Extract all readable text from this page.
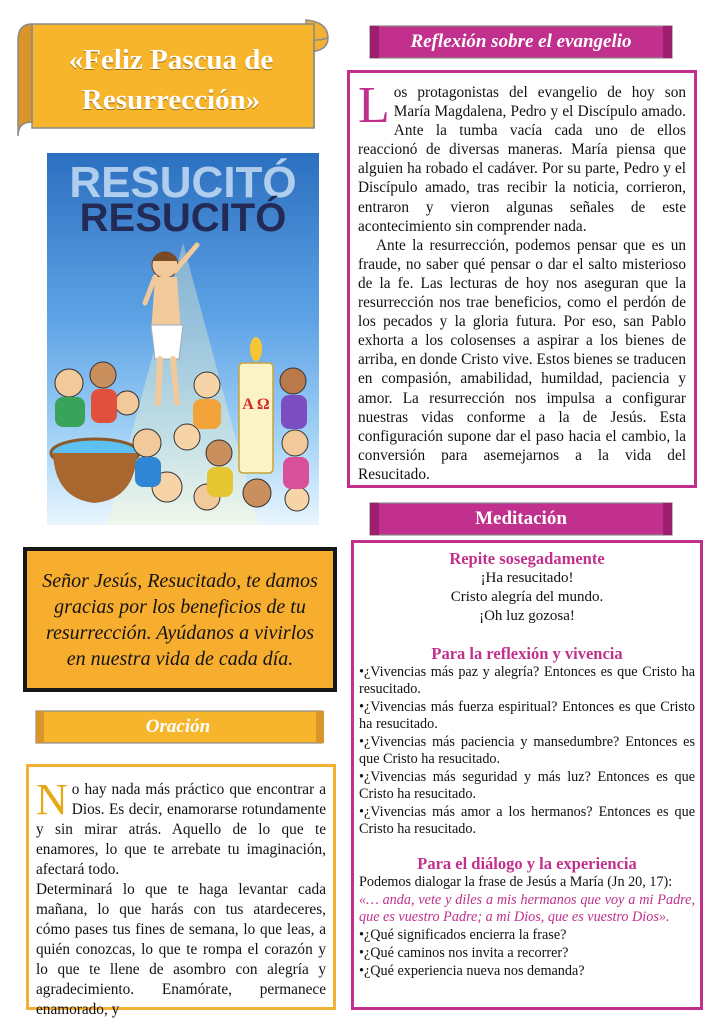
«Feliz Pascua de
Resurrección»
RESUCITÓ
RESUCITÓ
A Ω
Señor Jesús, Resucitado, te damos gracias por los beneficios de tu resurrección. Ayúdanos a vivirlos en nuestra vida de cada día.
Oración
N o hay nada más práctico que encontrar a Dios. Es decir, enamorarse rotundamente y sin mirar atrás. Aquello de lo que te enamores, lo que te arrebate tu imaginación, afectará todo.

Determinará lo que te haga levantar cada mañana, lo que harás con tus atardeceres, cómo pases tus fines de semana, lo que leas, a quién conozcas, lo que te rompa el corazón y lo que te llene de asombro con alegría y agradecimiento. Enamórate, permanece enamorado, y

Reflexión sobre el evangelio
L os protagonistas del evangelio de hoy son María Magdalena, Pedro y el Discípulo amado. Ante la tumba vacía cada uno de ellos reaccionó de diversas maneras. María piensa que alguien ha robado el cadáver. Por su parte, Pedro y el Discípulo amado, tras recibir la noticia, corrieron, entraron y vieron algunas señales de este acontecimiento sin comprender nada.

Ante la resurrección, podemos pensar que es un fraude, no saber qué pensar o dar el salto misterioso de la fe. Las lecturas de hoy nos aseguran que la resurrección nos trae beneficios, como el perdón de los pecados y la gloria futura. Por eso, san Pablo exhorta a los colosenses a aspirar a los bienes de arriba, en donde Cristo vive. Estos bienes se traducen en compasión, amabilidad, humildad, paciencia y amor. La resurrección nos impulsa a configurar nuestras vidas conforme a la de Jesús. Esta configuración supone dar el paso hacia el cambio, la conversión para asemejarnos a la vida del Resucitado.

Meditación
Repite sosegadamente
¡Ha resucitado!
Cristo alegría del mundo.
¡Oh luz gozosa!
Para la reflexión y vivencia

•¿Vivencias más paz y alegría? Entonces es que Cristo ha resucitado.

•¿Vivencias más fuerza espiritual? Entonces es que Cristo ha resucitado.

•¿Vivencias más paciencia y mansedumbre? Entonces es que Cristo ha resucitado.

•¿Vivencias más seguridad y más luz? Entonces es que Cristo ha resucitado.

•¿Vivencias más amor a los hermanos? Entonces es que Cristo ha resucitado.

Para el diálogo y la experiencia

Podemos dialogar la frase de Jesús a María (Jn 20, 17):

«… anda, vete y diles a mis hermanos que voy a mi Padre, que es vuestro Padre; a mi Dios, que es vuestro Dios».

•¿Qué significados encierra la frase?

•¿Qué caminos nos invita a recorrer?

•¿Qué experiencia nueva nos demanda?
